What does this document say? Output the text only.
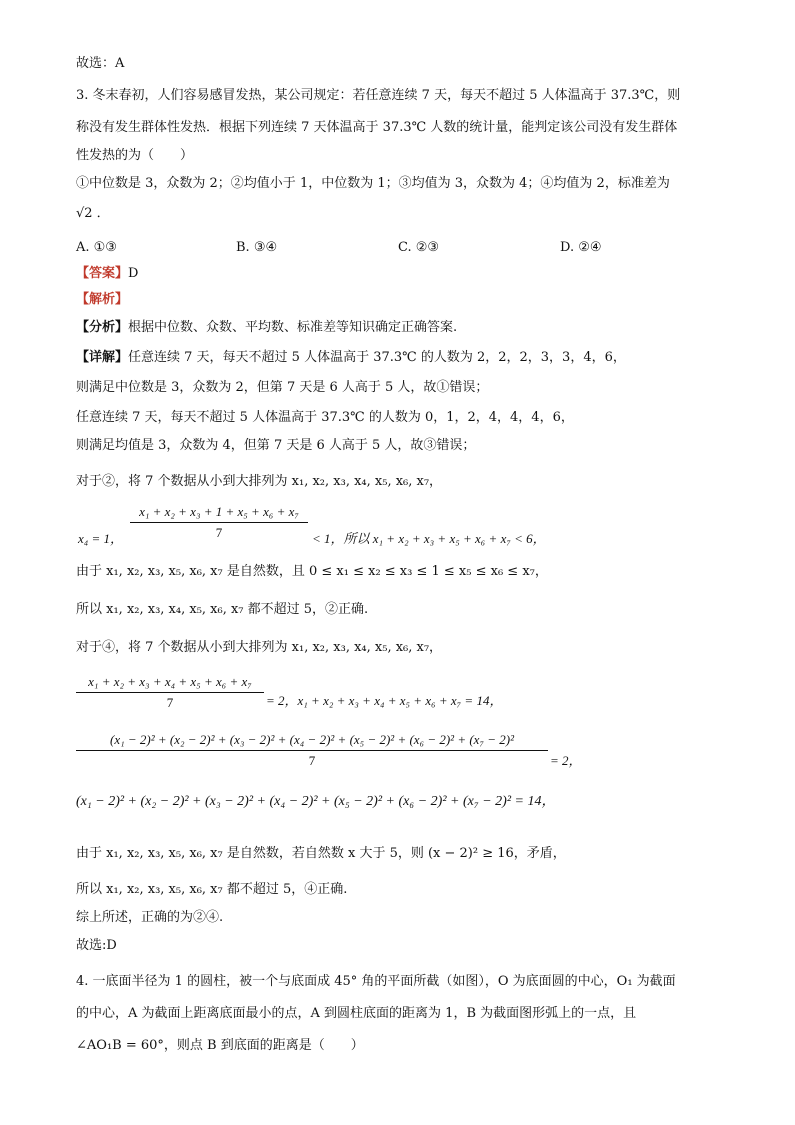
故选：A
3. 冬末春初，人们容易感冒发热，某公司规定：若任意连续 7 天，每天不超过 5 人体温高于 37.3℃，则
称没有发生群体性发热．根据下列连续 7 天体温高于 37.3℃ 人数的统计量，能判定该公司没有发生群体
性发热的为（　　）
①中位数是 3，众数为 2；②均值小于 1，中位数为 1；③均值为 3，众数为 4；④均值为 2，标准差为
√2 ．
A. ①③	B. ③④	C. ②③	D. ②④
【答案】D
【解析】
【分析】根据中位数、众数、平均数、标准差等知识确定正确答案.
【详解】任意连续 7 天，每天不超过 5 人体温高于 37.3℃ 的人数为 2，2，2，3，3，4，6，
则满足中位数是 3，众数为 2，但第 7 天是 6 人高于 5 人，故①错误；
任意连续 7 天，每天不超过 5 人体温高于 37.3℃ 的人数为 0，1，2，4，4，4，6，
则满足均值是 3，众数为 4，但第 7 天是 6 人高于 5 人，故③错误；
对于②，将 7 个数据从小到大排列为 x₁, x₂, x₃, x₄, x₅, x₆, x₇，
x₄ = 1，
x₁ + x₂ + x₃ + 1 + x₅ + x₆ + x₇
7	< 1，所以 x₁ + x₂ + x₃ + x₅ + x₆ + x₇ < 6，
由于 x₁, x₂, x₃, x₅, x₆, x₇ 是自然数，且 0 ≤ x₁ ≤ x₂ ≤ x₃ ≤ 1 ≤ x₅ ≤ x₆ ≤ x₇，
所以 x₁, x₂, x₃, x₄, x₅, x₆, x₇ 都不超过 5，②正确.
对于④，将 7 个数据从小到大排列为 x₁, x₂, x₃, x₄, x₅, x₆, x₇，
x₁ + x₂ + x₃ + x₄ + x₅ + x₆ + x₇
7	= 2，x₁ + x₂ + x₃ + x₄ + x₅ + x₆ + x₇ = 14，
(x₁ − 2)² + (x₂ − 2)² + (x₃ − 2)² + (x₄ − 2)² + (x₅ − 2)² + (x₆ − 2)² + (x₇ − 2)²
7	= 2，
(x₁ − 2)² + (x₂ − 2)² + (x₃ − 2)² + (x₄ − 2)² + (x₅ − 2)² + (x₆ − 2)² + (x₇ − 2)² = 14，
由于 x₁, x₂, x₃, x₅, x₆, x₇ 是自然数，若自然数 x 大于 5，则 (x − 2)² ≥ 16，矛盾，
所以 x₁, x₂, x₃, x₅, x₆, x₇ 都不超过 5，④正确.
综上所述，正确的为②④.
故选:D
4. 一底面半径为 1 的圆柱，被一个与底面成 45° 角的平面所截（如图），O 为底面圆的中心，O₁ 为截面
的中心，A 为截面上距离底面最小的点，A 到圆柱底面的距离为 1，B 为截面图形弧上的一点，且
∠AO₁B = 60°，则点 B 到底面的距离是（　　）
